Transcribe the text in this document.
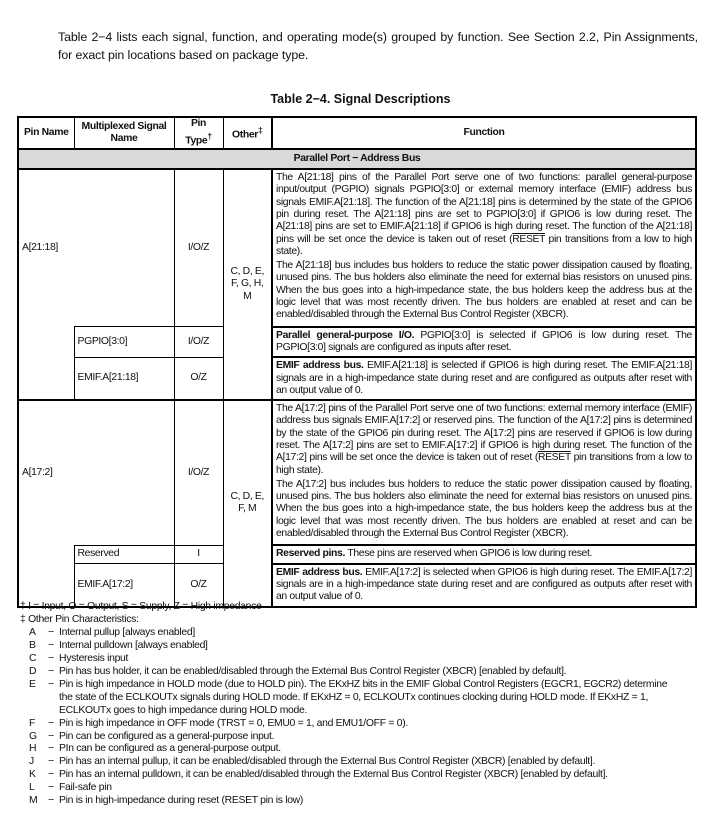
Table 2−4 lists each signal, function, and operating mode(s) grouped by function. See Section 2.2, Pin Assignments, for exact pin locations based on package type.
Table 2−4. Signal Descriptions
Pin Name	Multiplexed Signal Name	Pin Type†	Other‡	Function
Parallel Port − Address Bus				
A[21:18]		I/O/Z	C, D, E, F, G, H, M	The A[21:18] pins of the Parallel Port serve one of two functions: parallel general-purpose input/output (PGPIO) signals PGPIO[3:0] or external memory interface (EMIF) address bus signals EMIF.A[21:18]. The function of the A[21:18] pins is determined by the state of the GPIO6 pin during reset. The A[21:18] pins are set to PGPIO[3:0] if GPIO6 is low during reset. The A[21:18] pins are set to EMIF.A[21:18] if GPIO6 is high during reset. The function of the A[21:18] pins will be set once the device is taken out of reset (RESET pin transitions from a low to high state).

The A[21:18] bus includes bus holders to reduce the static power dissipation caused by floating, unused pins. The bus holders also eliminate the need for external bias resistors on unused pins. When the bus goes into a high-impedance state, the bus holders keep the address bus at the logic level that was most recently driven. The bus holders are enabled at reset and can be enabled/disabled through the External Bus Control Register (XBCR).

	PGPIO[3:0]	I/O/Z		Parallel general-purpose I/O. PGPIO[3:0] is selected if GPIO6 is low during reset. The PGPIO[3:0] signals are configured as inputs after reset.
	EMIF.A[21:18]	O/Z		EMIF address bus. EMIF.A[21:18] is selected if GPIO6 is high during reset. The EMIF.A[21:18] signals are in a high-impedance state during reset and are configured as outputs after reset with an output value of 0.
A[17:2]		I/O/Z	C, D, E, F, M	The A[17:2] pins of the Parallel Port serve one of two functions: external memory interface (EMIF) address bus signals EMIF.A[17:2] or reserved pins. The function of the A[17:2] pins is determined by the state of the GPIO6 pin during reset. The A[17:2] pins are reserved if GPIO6 is low during reset. The A[17:2] pins are set to EMIF.A[17:2] if GPIO6 is high during reset. The function of the A[17:2] pins will be set once the device is taken out of reset (RESET pin transitions from a low to high state).

The A[17:2] bus includes bus holders to reduce the static power dissipation caused by floating, unused pins. The bus holders also eliminate the need for external bias resistors on unused pins. When the bus goes into a high-impedance state, the bus holders keep the address bus at the logic level that was most recently driven. The bus holders are enabled at reset and can be enabled/disabled through the External Bus Control Register (XBCR).

	Reserved	I		Reserved pins. These pins are reserved when GPIO6 is low during reset.
	EMIF.A[17:2]	O/Z		EMIF address bus. EMIF.A[17:2] is selected when GPIO6 is high during reset. The EMIF.A[17:2] signals are in a high-impedance state during reset and are configured as outputs after reset with an output value of 0.
† I = Input, O = Output, S = Supply, Z = High impedance
‡ Other Pin Characteristics:
A	− Internal pullup [always enabled]
B	− Internal pulldown [always enabled]
C	− Hysteresis input
D	− Pin has bus holder, it can be enabled/disabled through the External Bus Control Register (XBCR) [enabled by default].
E	− Pin is high impedance in HOLD mode (due to HOLD pin). The EKxHZ bits in the EMIF Global Control Registers (EGCR1, EGCR2) determine the state of the ECLKOUTx signals during HOLD mode. If EKxHZ = 0, ECLKOUTx continues clocking during HOLD mode. If EKxHZ = 1, ECLKOUTx goes to high impedance during HOLD mode.
F	− Pin is high impedance in OFF mode (TRST = 0, EMU0 = 1, and EMU1/OFF = 0).
G	− Pin can be configured as a general-purpose input.
H	− PIn can be configured as a general-purpose output.
J	− Pin has an internal pullup, it can be enabled/disabled through the External Bus Control Register (XBCR) [enabled by default].
K	− Pin has an internal pulldown, it can be enabled/disabled through the External Bus Control Register (XBCR) [enabled by default].
L	− Fail-safe pin
M	− Pin is in high-impedance during reset (RESET pin is low)
